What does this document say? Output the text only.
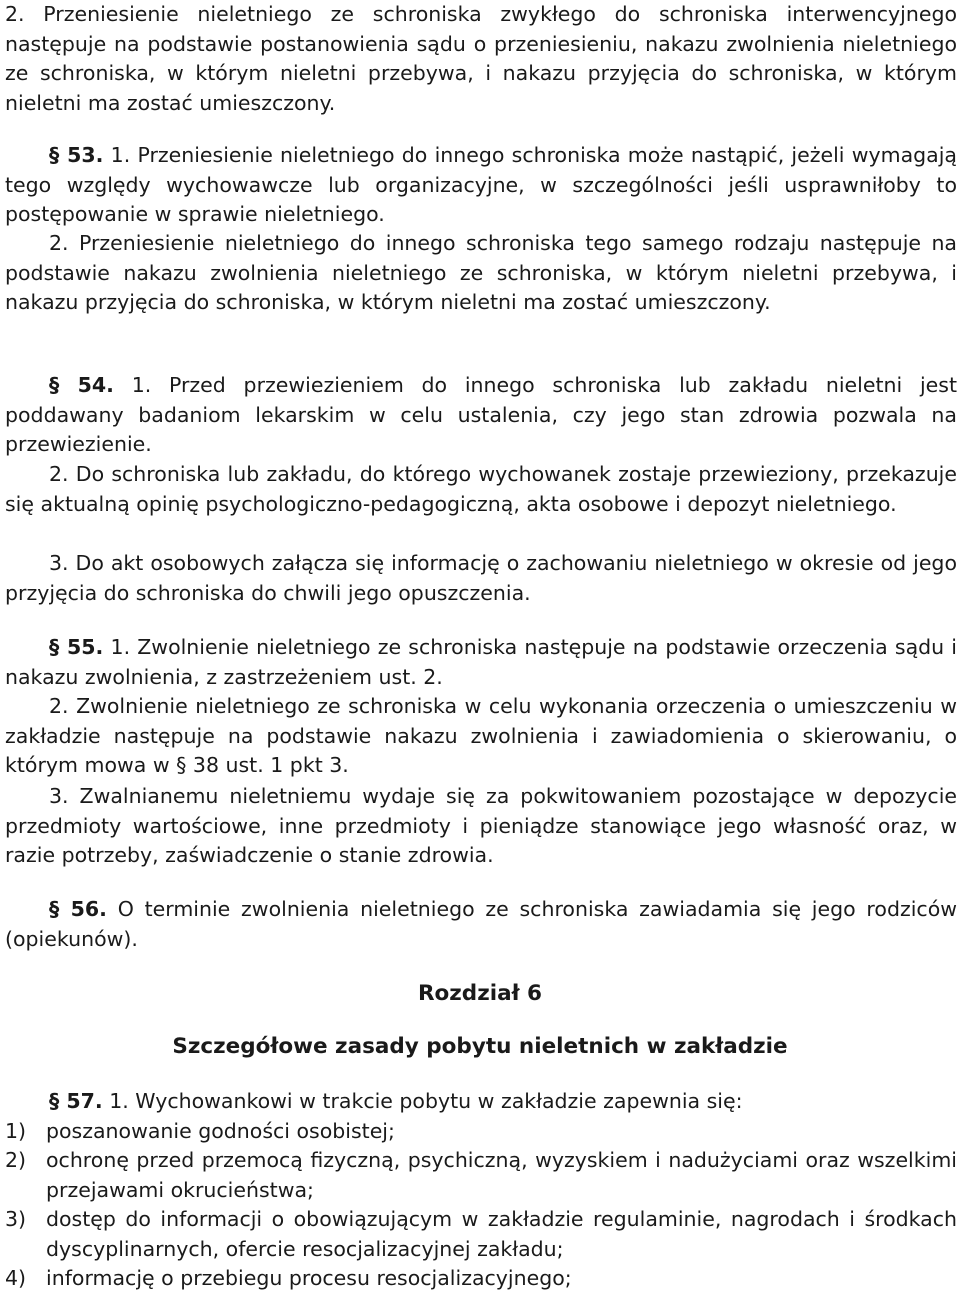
2. Przeniesienie nieletniego ze schroniska zwykłego do schroniska interwencyjnego następuje na podstawie postanowienia sądu o przeniesieniu, nakazu zwolnienia nieletniego ze schroniska, w którym nieletni przebywa, i nakazu przyjęcia do schroniska, w którym nieletni ma zostać umieszczony.

§ 53. 1. Przeniesienie nieletniego do innego schroniska może nastąpić, jeżeli wymagają tego względy wychowawcze lub organizacyjne, w szczególności jeśli usprawniłoby to postępowanie w sprawie nieletniego.

2. Przeniesienie nieletniego do innego schroniska tego samego rodzaju następuje na podstawie nakazu zwolnienia nieletniego ze schroniska, w którym nieletni przebywa, i nakazu przyjęcia do schroniska, w którym nieletni ma zostać umieszczony.

§ 54. 1. Przed przewiezieniem do innego schroniska lub zakładu nieletni jest poddawany badaniom lekarskim w celu ustalenia, czy jego stan zdrowia pozwala na przewiezienie.

2. Do schroniska lub zakładu, do którego wychowanek zostaje przewieziony, przekazuje się aktualną opinię psychologiczno-pedagogiczną, akta osobowe i depozyt nieletniego.

3. Do akt osobowych załącza się informację o zachowaniu nieletniego w okresie od jego przyjęcia do schroniska do chwili jego opuszczenia.

§ 55. 1. Zwolnienie nieletniego ze schroniska następuje na podstawie orzeczenia sądu i nakazu zwolnienia, z zastrzeżeniem ust. 2.

2. Zwolnienie nieletniego ze schroniska w celu wykonania orzeczenia o umieszczeniu w zakładzie następuje na podstawie nakazu zwolnienia i zawiadomienia o skierowaniu, o którym mowa w § 38 ust. 1 pkt 3.

3. Zwalnianemu nieletniemu wydaje się za pokwitowaniem pozostające w depozycie przedmioty wartościowe, inne przedmioty i pieniądze stanowiące jego własność oraz, w razie potrzeby, zaświadczenie o stanie zdrowia.

§ 56. O terminie zwolnienia nieletniego ze schroniska zawiadamia się jego rodziców (opiekunów).

Rozdział 6
Szczegółowe zasady pobytu nieletnich w zakładzie

§ 57. 1. Wychowankowi w trakcie pobytu w zakładzie zapewnia się:

1) poszanowanie godności osobistej;
2) ochronę przed przemocą fizyczną, psychiczną, wyzyskiem i nadużyciami oraz wszelkimi przejawami okrucieństwa;
3) dostęp do informacji o obowiązującym w zakładzie regulaminie, nagrodach i środkach dyscyplinarnych, ofercie resocjalizacyjnej zakładu;
4) informację o przebiegu procesu resocjalizacyjnego;
